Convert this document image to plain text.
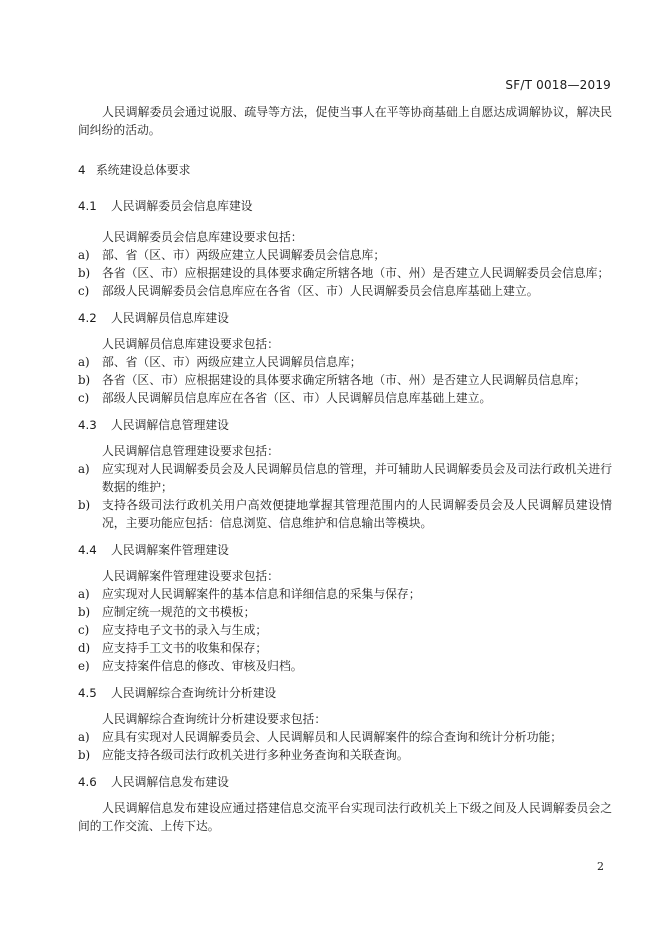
SF/T 0018—2019

人民调解委员会通过说服、疏导等方法，促使当事人在平等协商基础上自愿达成调解协议，解决民间纠纷的活动。

4 系统建设总体要求
4.1	人民调解委员会信息库建设

人民调解委员会信息库建设要求包括：

a)	部、省（区、市）两级应建立人民调解委员会信息库；
b)	各省（区、市）应根据建设的具体要求确定所辖各地（市、州）是否建立人民调解委员会信息库；
c)	部级人民调解委员会信息库应在各省（区、市）人民调解委员会信息库基础上建立。
4.2	人民调解员信息库建设

人民调解员信息库建设要求包括：

a)	部、省（区、市）两级应建立人民调解员信息库；
b)	各省（区、市）应根据建设的具体要求确定所辖各地（市、州）是否建立人民调解员信息库；
c)	部级人民调解员信息库应在各省（区、市）人民调解员信息库基础上建立。
4.3	人民调解信息管理建设

人民调解信息管理建设要求包括：

a)	应实现对人民调解委员会及人民调解员信息的管理，并可辅助人民调解委员会及司法行政机关进行数据的维护；
b)	支持各级司法行政机关用户高效便捷地掌握其管理范围内的人民调解委员会及人民调解员建设情况，主要功能应包括：信息浏览、信息维护和信息输出等模块。
4.4	人民调解案件管理建设

人民调解案件管理建设要求包括：

a)	应实现对人民调解案件的基本信息和详细信息的采集与保存；
b)	应制定统一规范的文书模板；
c)	应支持电子文书的录入与生成；
d)	应支持手工文书的收集和保存；
e)	应支持案件信息的修改、审核及归档。
4.5	人民调解综合查询统计分析建设

人民调解综合查询统计分析建设要求包括：

a)	应具有实现对人民调解委员会、人民调解员和人民调解案件的综合查询和统计分析功能；
b)	应能支持各级司法行政机关进行多种业务查询和关联查询。
4.6	人民调解信息发布建设

人民调解信息发布建设应通过搭建信息交流平台实现司法行政机关上下级之间及人民调解委员会之间的工作交流、上传下达。

2
